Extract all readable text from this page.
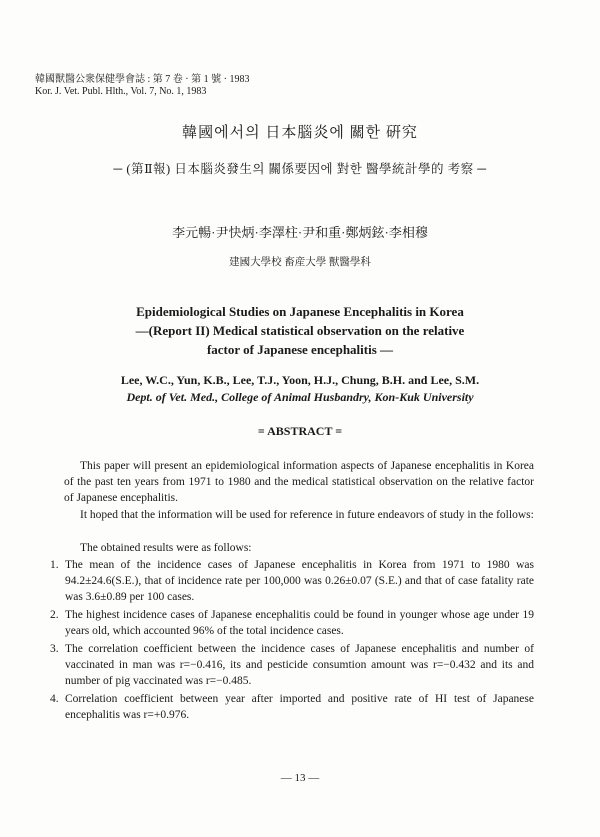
韓國獸醫公衆保健學會誌 : 第 7 卷 · 第 1 號 · 1983
Kor. J. Vet. Publ. Hlth., Vol. 7, No. 1, 1983
韓國에서의 日本腦炎에 關한 硏究
─ (第Ⅱ報) 日本腦炎發生의 關係要因에 對한 醫學統計學的 考察 ─
李元暢·尹快炳·李澤柱·尹和重·鄭炳鉉·李相穆
建國大學校 畜産大學 獸醫學科
Epidemiological Studies on Japanese Encephalitis in Korea
—(Report II) Medical statistical observation on the relative
factor of Japanese encephalitis —
Lee, W.C., Yun, K.B., Lee, T.J., Yoon, H.J., Chung, B.H. and Lee, S.M.
Dept. of Vet. Med., College of Animal Husbandry, Kon-Kuk University
= ABSTRACT =
This paper will present an epidemiological information aspects of Japanese encephalitis in Korea of the past ten years from 1971 to 1980 and the medical statistical observation on the relative factor of Japanese encephalitis.
It hoped that the information will be used for reference in future endeavors of study in the follows:
The obtained results were as follows:
1. The mean of the incidence cases of Japanese encephalitis in Korea from 1971 to 1980 was 94.2±24.6(S.E.), that of incidence rate per 100,000 was 0.26±0.07 (S.E.) and that of case fatality rate was 3.6±0.89 per 100 cases.
2. The highest incidence cases of Japanese encephalitis could be found in younger whose age under 19 years old, which accounted 96% of the total incidence cases.
3. The correlation coefficient between the incidence cases of Japanese encephalitis and number of vaccinated in man was r=−0.416, its and pesticide consumtion amount was r=−0.432 and its and number of pig vaccinated was r=−0.485.
4. Correlation coefficient between year after imported and positive rate of HI test of Japanese encephalitis was r=+0.976.
— 13 —
